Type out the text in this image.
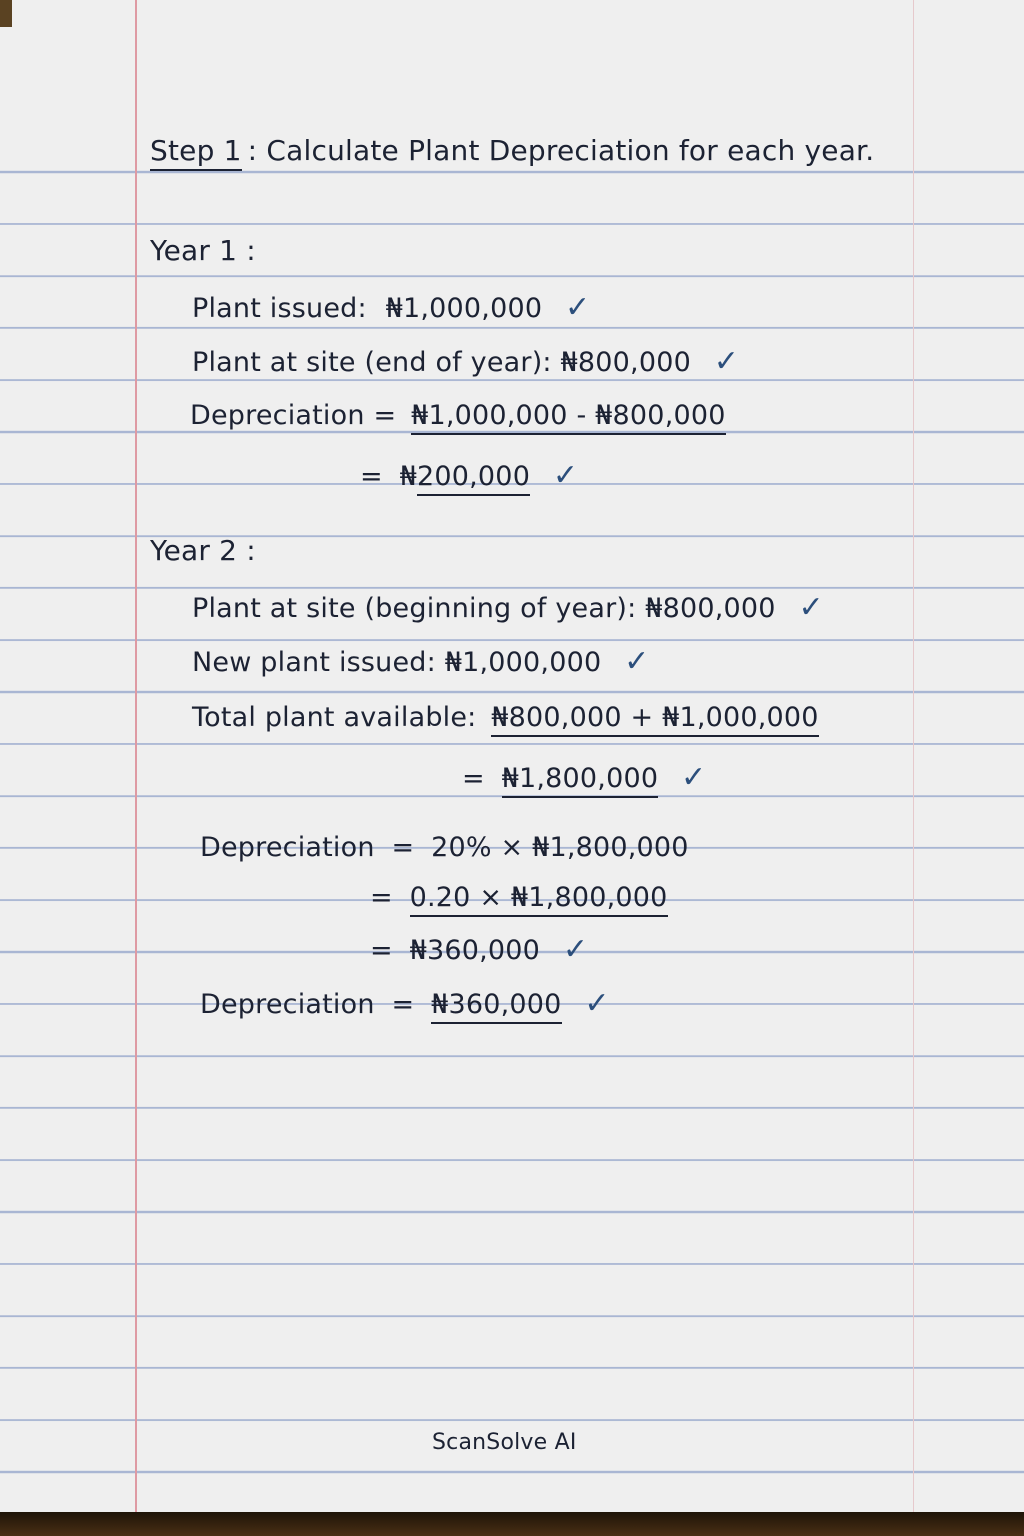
Step 1 : Calculate Plant Depreciation for each year.
Year 1 :
Plant issued: ₦1,000,000 ✓
Plant at site (end of year): ₦800,000 ✓
Depreciation = ₦1,000,000 - ₦800,000
= ₦200,000 ✓
Year 2 :
Plant at site (beginning of year): ₦800,000 ✓
New plant issued: ₦1,000,000 ✓
Total plant available: ₦800,000 + ₦1,000,000
= ₦1,800,000 ✓
Depreciation = 20% × ₦1,800,000
= 0.20 × ₦1,800,000
= ₦360,000 ✓
Depreciation = ₦360,000 ✓
ScanSolve AI
